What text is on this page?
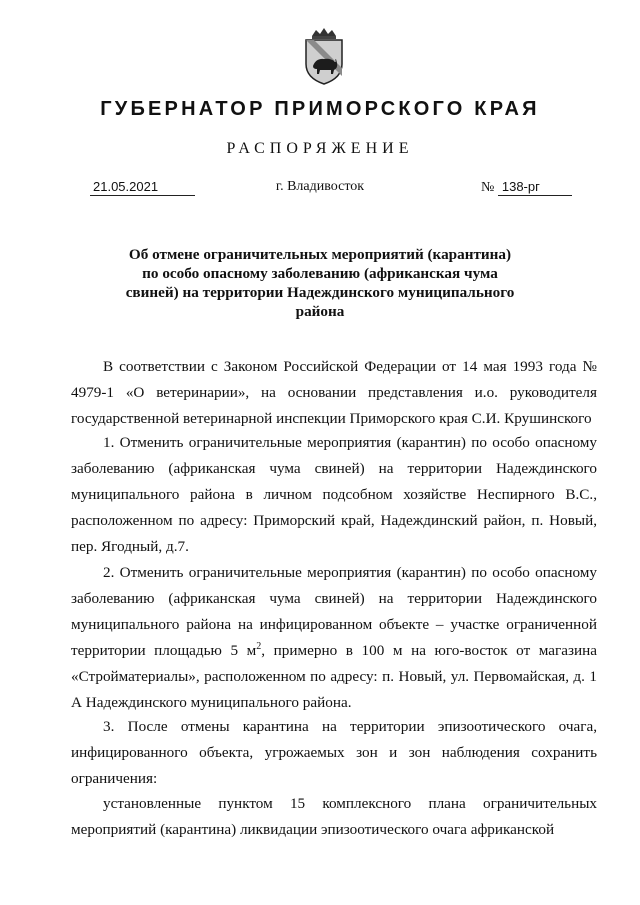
ГУБЕРНАТОР ПРИМОРСКОГО КРАЯ
РАСПОРЯЖЕНИЕ
21.05.2021	г. Владивосток	№ 138-рг
Об отмене ограничительных мероприятий (карантина) по особо опасному заболеванию (африканская чума свиней) на территории Надеждинского муниципального района
В соответствии с Законом Российской Федерации от 14 мая 1993 года № 4979-1 «О ветеринарии», на основании представления и.о. руководителя государственной ветеринарной инспекции Приморского края С.И. Крушинского
1. Отменить ограничительные мероприятия (карантин) по особо опасному заболеванию (африканская чума свиней) на территории Надеждинского муниципального района в личном подсобном хозяйстве Неспирного В.С., расположенном по адресу: Приморский край, Надеждинский район, п. Новый, пер. Ягодный, д.7.
2. Отменить ограничительные мероприятия (карантин) по особо опасному заболеванию (африканская чума свиней) на территории Надеждинского муниципального района на инфицированном объекте – участке ограниченной территории площадью 5 $м^2$, примерно в 100 м на юго-восток от магазина «Стройматериалы», расположенном по адресу: п. Новый, ул. Первомайская, д. 1 А Надеждинского муниципального района.
3. После отмены карантина на территории эпизоотического очага, инфицированного объекта, угрожаемых зон и зон наблюдения сохранить ограничения:
установленные пунктом 15 комплексного плана ограничительных мероприятий (карантина) ликвидации эпизоотического очага африканской
